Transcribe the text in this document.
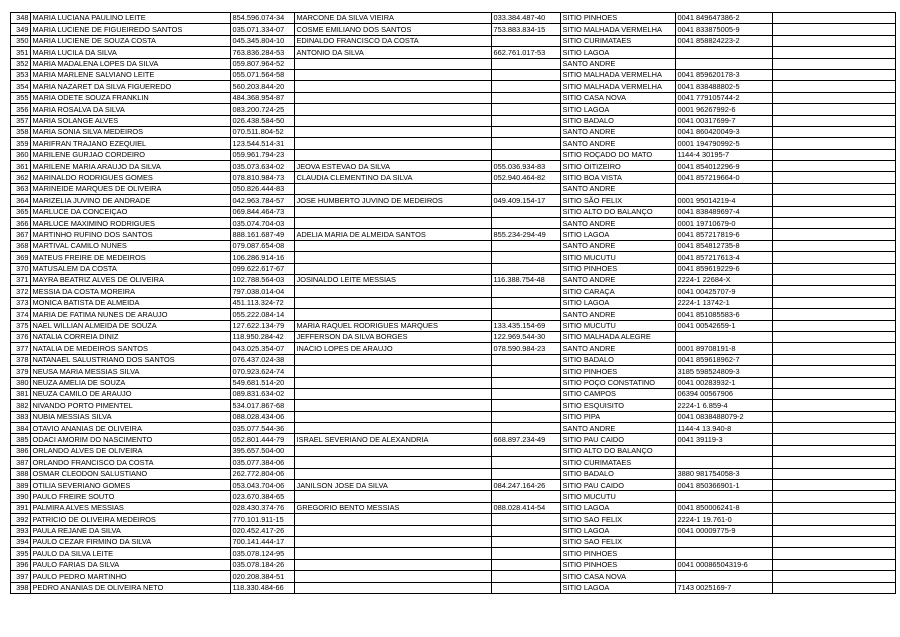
348	MARIA LUCIANA PAULINO LEITE	854.596.074-34	MARCONE DA SILVA VIEIRA	033.384.487-40	SITIO PINHOES	0041 849647386-2	
349	MARIA LUCIENE DE FIGUEIREDO SANTOS	035.071.334-07	COSME EMILIANO DOS SANTOS	753.883.834-15	SITIO MALHADA VERMELHA	0041 833875005-9	
350	MARIA LUCIENE DE SOUZA COSTA	045.345.804-10	EDINALDO FRANCISCO DA COSTA		SITIO CURIMATAES	0041 858824223-2	
351	MARIA LUCILA DA SILVA	763.836.284-53	ANTONIO DA SILVA	662.761.017-53	SITIO LAGOA		
352	MARIA MADALENA LOPES DA SILVA	059.807.964-52			SANTO ANDRE		
353	MARIA MARLENE SALVIANO LEITE	055.071.564-58			SITIO MALHADA VERMELHA	0041 859620178-3	
354	MARIA NAZARET DA SILVA FIGUEREDO	560.203.844-20			SITIO MALHADA VERMELHA	0041 838488802-5	
355	MARIA ODETE SOUZA FRANKLIN	484.368.954-87			SITIO CASA NOVA	0041 779105744-2	
356	MARIA ROSALVA DA SILVA	083.200.724-25			SITIO LAGOA	0001 96267992-6	
357	MARIA SOLANGE ALVES	026.438.584-50			SITIO BADALO	0041 00317699-7	
358	MARIA SONIA SILVA MEDEIROS	070.511.804-52			SANTO ANDRE	0041 860420049-3	
359	MARIFRAN TRAJANO EZEQUIEL	123.544.514-31			SANTO ANDRE	0001 194790992-5	
360	MARILENE GURJAO CORDEIRO	059.961.794-23			SITIO ROÇADO DO MATO	1144-4 30195-7	
361	MARILENE MARIA ARAUJO DA SILVA	035.073.634-02	JEOVA ESTEVAO DA SILVA	055.036.934-83	SITIO OITIZEIRO	0041 854012296-9	
362	MARINALDO RODRIGUES GOMES	078.810.984-73	CLAUDIA CLEMENTINO DA SILVA	052.940.464-82	SITIO BOA VISTA	0041 857219664-0	
363	MARINEIDE MARQUES DE OLIVEIRA	050.826.444-83			SANTO ANDRE		
364	MARIZELIA JUVINO DE ANDRADE	042.963.784-57	JOSE HUMBERTO JUVINO DE MEDEIROS	049.409.154-17	SITIO SÃO FELIX	0001 95014219-4	
365	MARLUCE DA CONCEIÇAO	069.844.464-73			SITIO ALTO DO BALANÇO	0041 838489697-4	
366	MARLUCE MAXIMINO RODRIGUES	035.074.704-03			SANTO ANDRE	0001 19710679-0	
367	MARTINHO RUFINO DOS SANTOS	888.161.687-49	ADELIA MARIA DE ALMEIDA SANTOS	855.234-294-49	SITIO LAGOA	0041 857217819-6	
368	MARTIVAL CAMILO NUNES	079.087.654-08			SANTO ANDRE	0041 854812735-8	
369	MATEUS FREIRE DE MEDEIROS	106.286.914-16			SITIO MUCUTU	0041 857217613-4	
370	MATUSALEM DA COSTA	099.622.617-67			SITIO PINHOES	0041 859619229-6	
371	MAYRA BEATRIZ ALVES DE OLIVEIRA	102.788.564-03	JOSINALDO LEITE MESSIAS	116.388.754-48	SANTO ANDRE	2224-1 22684-X	
372	MESSIA DA COSTA MOREIRA	797.038.014-04			SITIO CARAÇA	0041 00425707-9	
373	MONICA BATISTA DE ALMEIDA	451.113.324-72			SITIO LAGOA	2224-1 13742-1	
374	MARIA DE FATIMA NUNES DE ARAUJO	055.222.084-14			SANTO ANDRE	0041 851085583-6	
375	NAEL WILLIAN ALMEIDA DE SOUZA	127.622.134-79	MARIA RAQUEL RODRIGUES MARQUES	133.435.154-69	SITIO MUCUTU	0041 00542659-1	
376	NATALIA CORREIA DINIZ	118.950.284-42	JEFFERSON DA SILVA BORGES	122.969.544-30	SITIO MALHADA ALEGRE		
377	NATALIA DE MEDEIROS SANTOS	043.025.354-07	INACIO LOPES DE ARAUJO	078.590.984-23	SANTO ANDRE	0001 89708191-8	
378	NATANAEL SALUSTRIANO DOS SANTOS	076.437.024-38			SITIO BADALO	0041 859618962-7	
379	NEUSA MARIA MESSIAS SILVA	070.923.624-74			SITIO PINHOES	3185 598524809-3	
380	NEUZA AMELIA DE SOUZA	549.681.514-20			SITIO POÇO CONSTATINO	0041 00283932-1	
381	NEUZA CAMILO DE ARAUJO	089.831.634-02			SITIO CAMPOS	06394 00567906	
382	NIVANDO PORTO PIMENTEL	534.017.867-68			SITIO ESQUISITO	2224-1 6.859-4	
383	NUBIA MESSIAS SILVA	088.028.434-06			SITIO PIPA	0041 0838488079-2	
384	OTAVIO ANANIAS DE OLIVEIRA	035.077.544-36			SANTO ANDRE	1144-4 13.940-8	
385	ODACI AMORIM DO NASCIMENTO	052.801.444-79	ISRAEL SEVERIANO DE ALEXANDRIA	668.897.234-49	SITIO PAU CAIDO	0041 39119-3	
386	ORLANDO ALVES DE OLIVEIRA	395.657.504-00			SITIO ALTO DO BALANÇO		
387	ORLANDO FRANCISCO DA COSTA	035.077.384-06			SITIO CURIMATAES		
388	OSMAR CLEODON SALUSTIANO	262.772.804-06			SITIO BADALO	3880 981754058-3	
389	OTILIA SEVERIANO GOMES	053.043.704-06	JANILSON JOSE DA SILVA	084.247.164-26	SITIO PAU CAIDO	0041 850366901-1	
390	PAULO FREIRE SOUTO	023.670.384-65			SITIO MUCUTU		
391	PALMIRA ALVES MESSIAS	028.430.374-76	GREGORIO BENTO MESSIAS	088.028.414-54	SITIO LAGOA	0041 850006241-8	
392	PATRICIO DE OLIVEIRA MEDEIROS	770.101.911-15			SITIO SAO FELIX	2224-1 19.761-0	
393	PAULA REJANE DA SILVA	020.452.417-26			SITIO LAGOA	0041 00009775-9	
394	PAULO CEZAR FIRMINO DA SILVA	700.141.444-17			SITIO SAO FELIX		
395	PAULO DA SILVA LEITE	035.078.124-95			SITIO PINHOES		
396	PAULO FARIAS DA SILVA	035.078.184-26			SITIO PINHOES	0041 00086504319-6	
397	PAULO PEDRO MARTINHO	020.208.384-51			SITIO CASA NOVA		
398	PEDRO ANANIAS DE OLIVEIRA NETO	118.330.484-66			SITIO LAGOA	7143 0025169-7	
